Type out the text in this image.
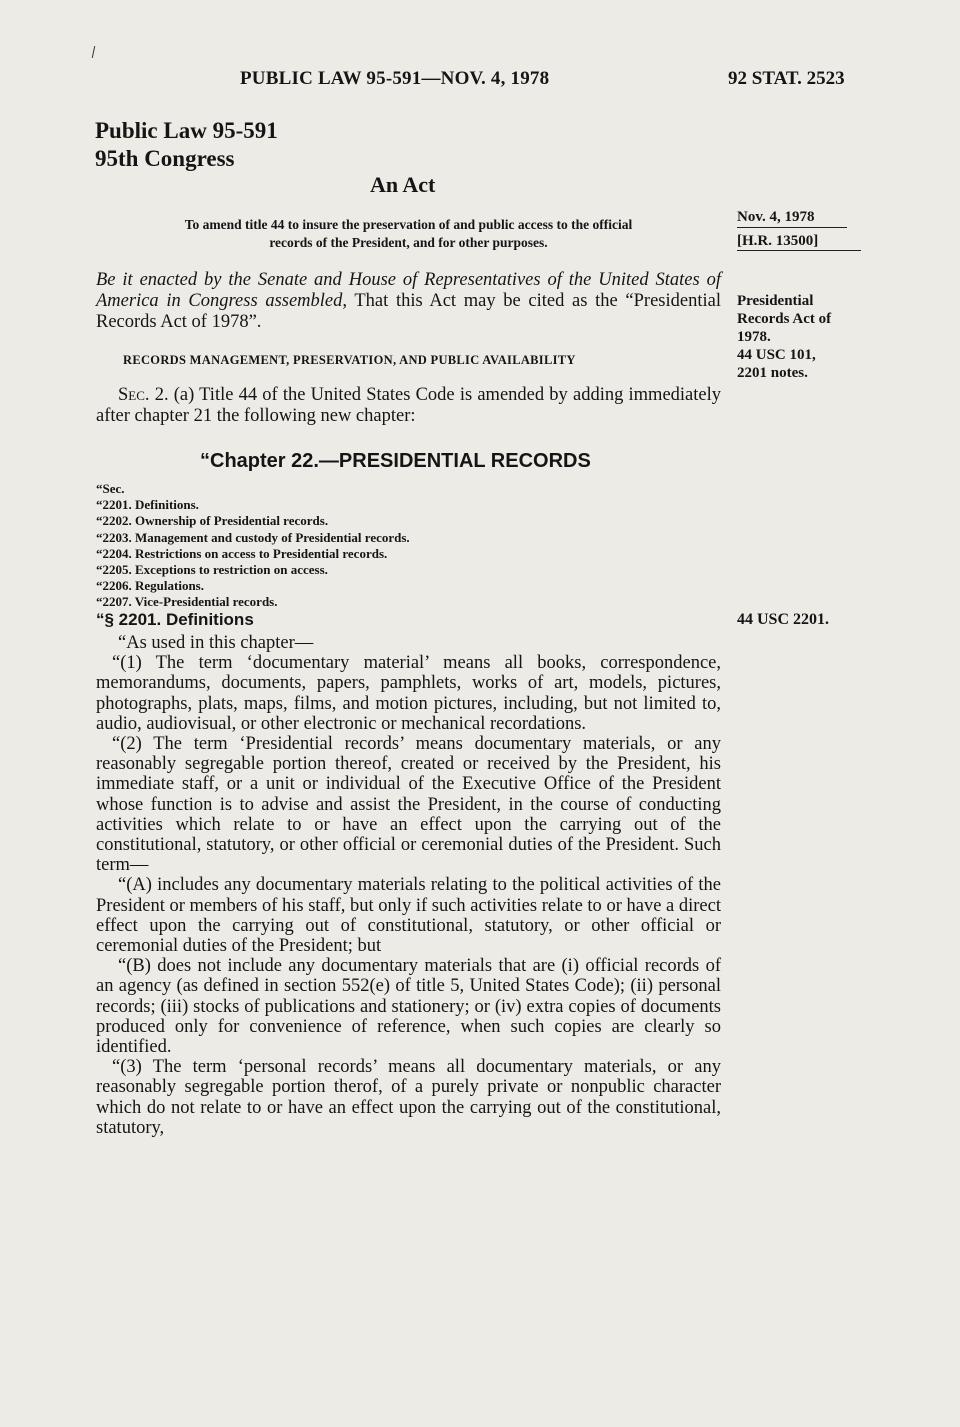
PUBLIC LAW 95-591—NOV. 4, 1978	92 STAT. 2523
Public Law 95-591
95th Congress
An Act
To amend title 44 to insure the preservation of and public access to the official
records of the President, and for other purposes.
Nov. 4, 1978
[H.R. 13500]
Be it enacted by the Senate and House of Representatives of the United States of America in Congress assembled, That this Act may be cited as the “Presidential Records Act of 1978”.
Presidential
Records Act of
1978.
44 USC 101,
2201 notes.
RECORDS MANAGEMENT, PRESERVATION, AND PUBLIC AVAILABILITY
Sec. 2. (a) Title 44 of the United States Code is amended by adding immediately after chapter 21 the following new chapter:
“Chapter 22.—PRESIDENTIAL RECORDS
“Sec.
“2201. Definitions.
“2202. Ownership of Presidential records.
“2203. Management and custody of Presidential records.
“2204. Restrictions on access to Presidential records.
“2205. Exceptions to restriction on access.
“2206. Regulations.
“2207. Vice-Presidential records.
“§ 2201. Definitions	44 USC 2201.

“As used in this chapter—

“(1) The term ‘documentary material’ means all books, correspondence, memorandums, documents, papers, pamphlets, works of art, models, pictures, photographs, plats, maps, films, and motion pictures, including, but not limited to, audio, audiovisual, or other electronic or mechanical recordations.

“(2) The term ‘Presidential records’ means documentary materials, or any reasonably segregable portion thereof, created or received by the President, his immediate staff, or a unit or individual of the Executive Office of the President whose function is to advise and assist the President, in the course of conducting activities which relate to or have an effect upon the carrying out of the constitutional, statutory, or other official or ceremonial duties of the President. Such term—

“(A) includes any documentary materials relating to the political activities of the President or members of his staff, but only if such activities relate to or have a direct effect upon the carrying out of constitutional, statutory, or other official or ceremonial duties of the President; but

“(B) does not include any documentary materials that are (i) official records of an agency (as defined in section 552(e) of title 5, United States Code); (ii) personal records; (iii) stocks of publications and stationery; or (iv) extra copies of documents produced only for convenience of reference, when such copies are clearly so identified.

“(3) The term ‘personal records’ means all documentary materials, or any reasonably segregable portion therof, of a purely private or nonpublic character which do not relate to or have an effect upon the carrying out of the constitutional, statutory,
